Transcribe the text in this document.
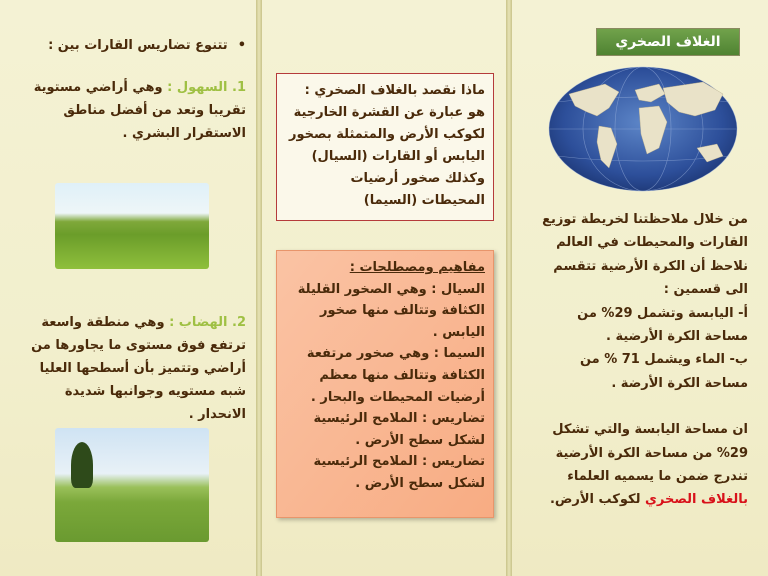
•تتنوع تضاريس القارات بين :
1. السهول : وهي أراضي مستوية تقريبا وتعد من أفضل مناطق الاستقرار البشري .
2. الهضاب : وهي منطقة واسعة ترتفع فوق مستوى ما يجاورها من أراضي وتتميز بأن أسطحها العليا شبه مستويه وجوانبها شديدة الانحدار .
ماذا نقصد بالغلاف الصخري :
هو عبارة عن القشرة الخارجية لكوكب الأرض والمتمثلة بصخور اليابس أو القارات (السيال) وكذلك صخور أرضيات المحيطات (السيما)
مفاهيم ومصطلحات :
السيال : وهي الصخور القليلة الكثافة وتتالف منها صخور اليابس .
السيما : وهي صخور مرتفعة الكثافة وتتالف منها معظم أرضيات المحيطات والبحار .
تضاريس : الملامح الرئيسية لشكل سطح الأرض .
تضاريس : الملامح الرئيسية لشكل سطح الأرض .
الغلاف الصخري

من خلال ملاحظتنا لخريطة توزيع القارات والمحيطات في العالم نلاحظ أن الكرة الأرضية تتقسم الى قسمين :

أ- اليابسة وتشمل 29% من مساحة الكرة الأرضية .

ب- الماء ويشمل 71 % من مساحة الكرة الأرضة .

ان مساحة اليابسة والتي تشكل 29% من مساحة الكرة الأرضية تندرج ضمن ما يسميه العلماء بالغلاف الصخري لكوكب الأرض.
